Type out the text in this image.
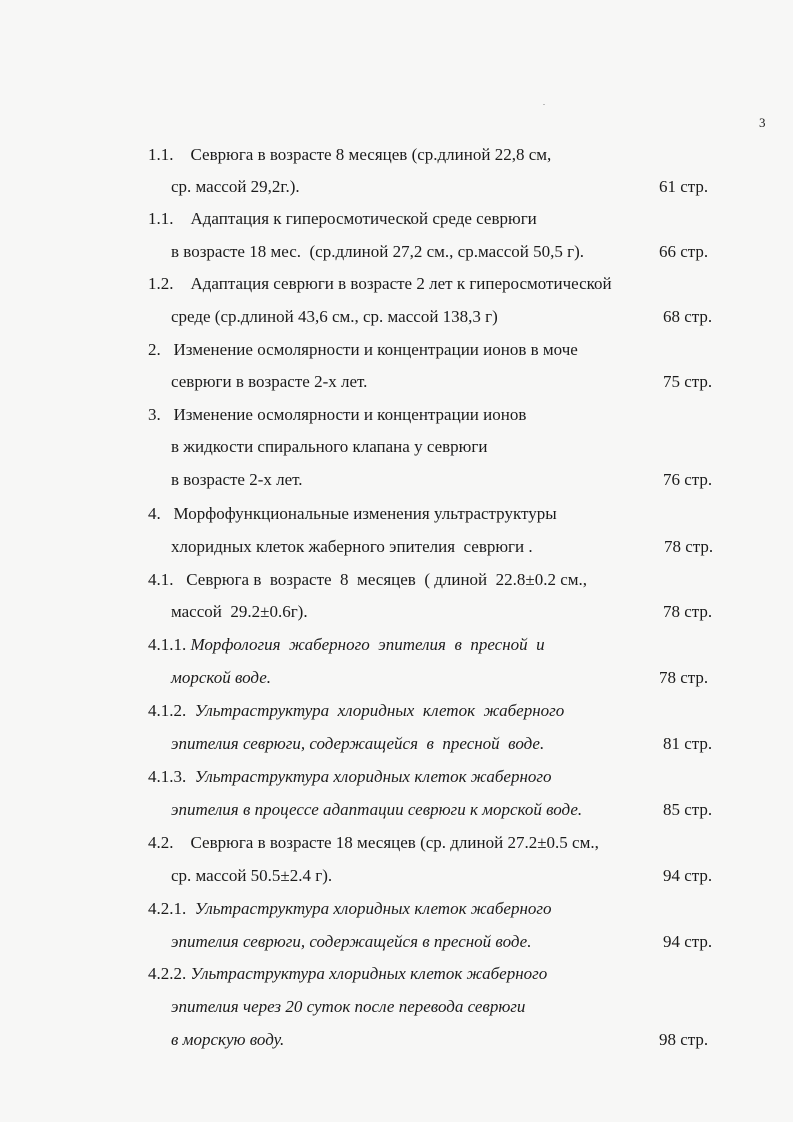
3

1.1.    Севрюга в возрасте 8 месяцев (ср.длиной 22,8 см,

ср. массой 29,2г.).	61 стр.

1.1.    Адаптация к гиперосмотической среде севрюги

в возрасте 18 мес.  (ср.длиной 27,2 см., ср.массой 50,5 г).	66 стр.

1.2.    Адаптация севрюги в возрасте 2 лет к гиперосмотической

среде (ср.длиной 43,6 см., ср. массой 138,3 г)	68 стр.

2.   Изменение осмолярности и концентрации ионов в моче

севрюги в возрасте 2-х лет.	75 стр.

3.   Изменение осмолярности и концентрации ионов

в жидкости спирального клапана у севрюги

в возрасте 2-х лет.	76 стр.

4.   Морфофункциональные изменения ультраструктуры

хлоридных клеток жаберного эпителия  севрюги .	78 стр.

4.1.   Севрюга в  возрасте  8  месяцев  ( длиной  22.8±0.2 см.,

массой  29.2±0.6г).	78 стр.

4.1.1. Морфология  жаберного  эпителия  в  пресной  и

морской воде.	78 стр.

4.1.2. Ультраструктура  хлоридных  клеток  жаберного

эпителия севрюги, содержащейся  в  пресной  воде.	81 стр.

4.1.3. Ультраструктура хлоридных клеток жаберного

эпителия в процессе адаптации севрюги к морской воде.	85 стр.

4.2.    Севрюга в возрасте 18 месяцев (ср. длиной 27.2±0.5 см.,

ср. массой 50.5±2.4 г).	94 стр.

4.2.1. Ультраструктура хлоридных клеток жаберного

эпителия севрюги, содержащейся в пресной воде.	94 стр.

4.2.2. Ультраструктура хлоридных клеток жаберного

эпителия через 20 суток после перевода севрюги

в морскую воду.	98 стр.
